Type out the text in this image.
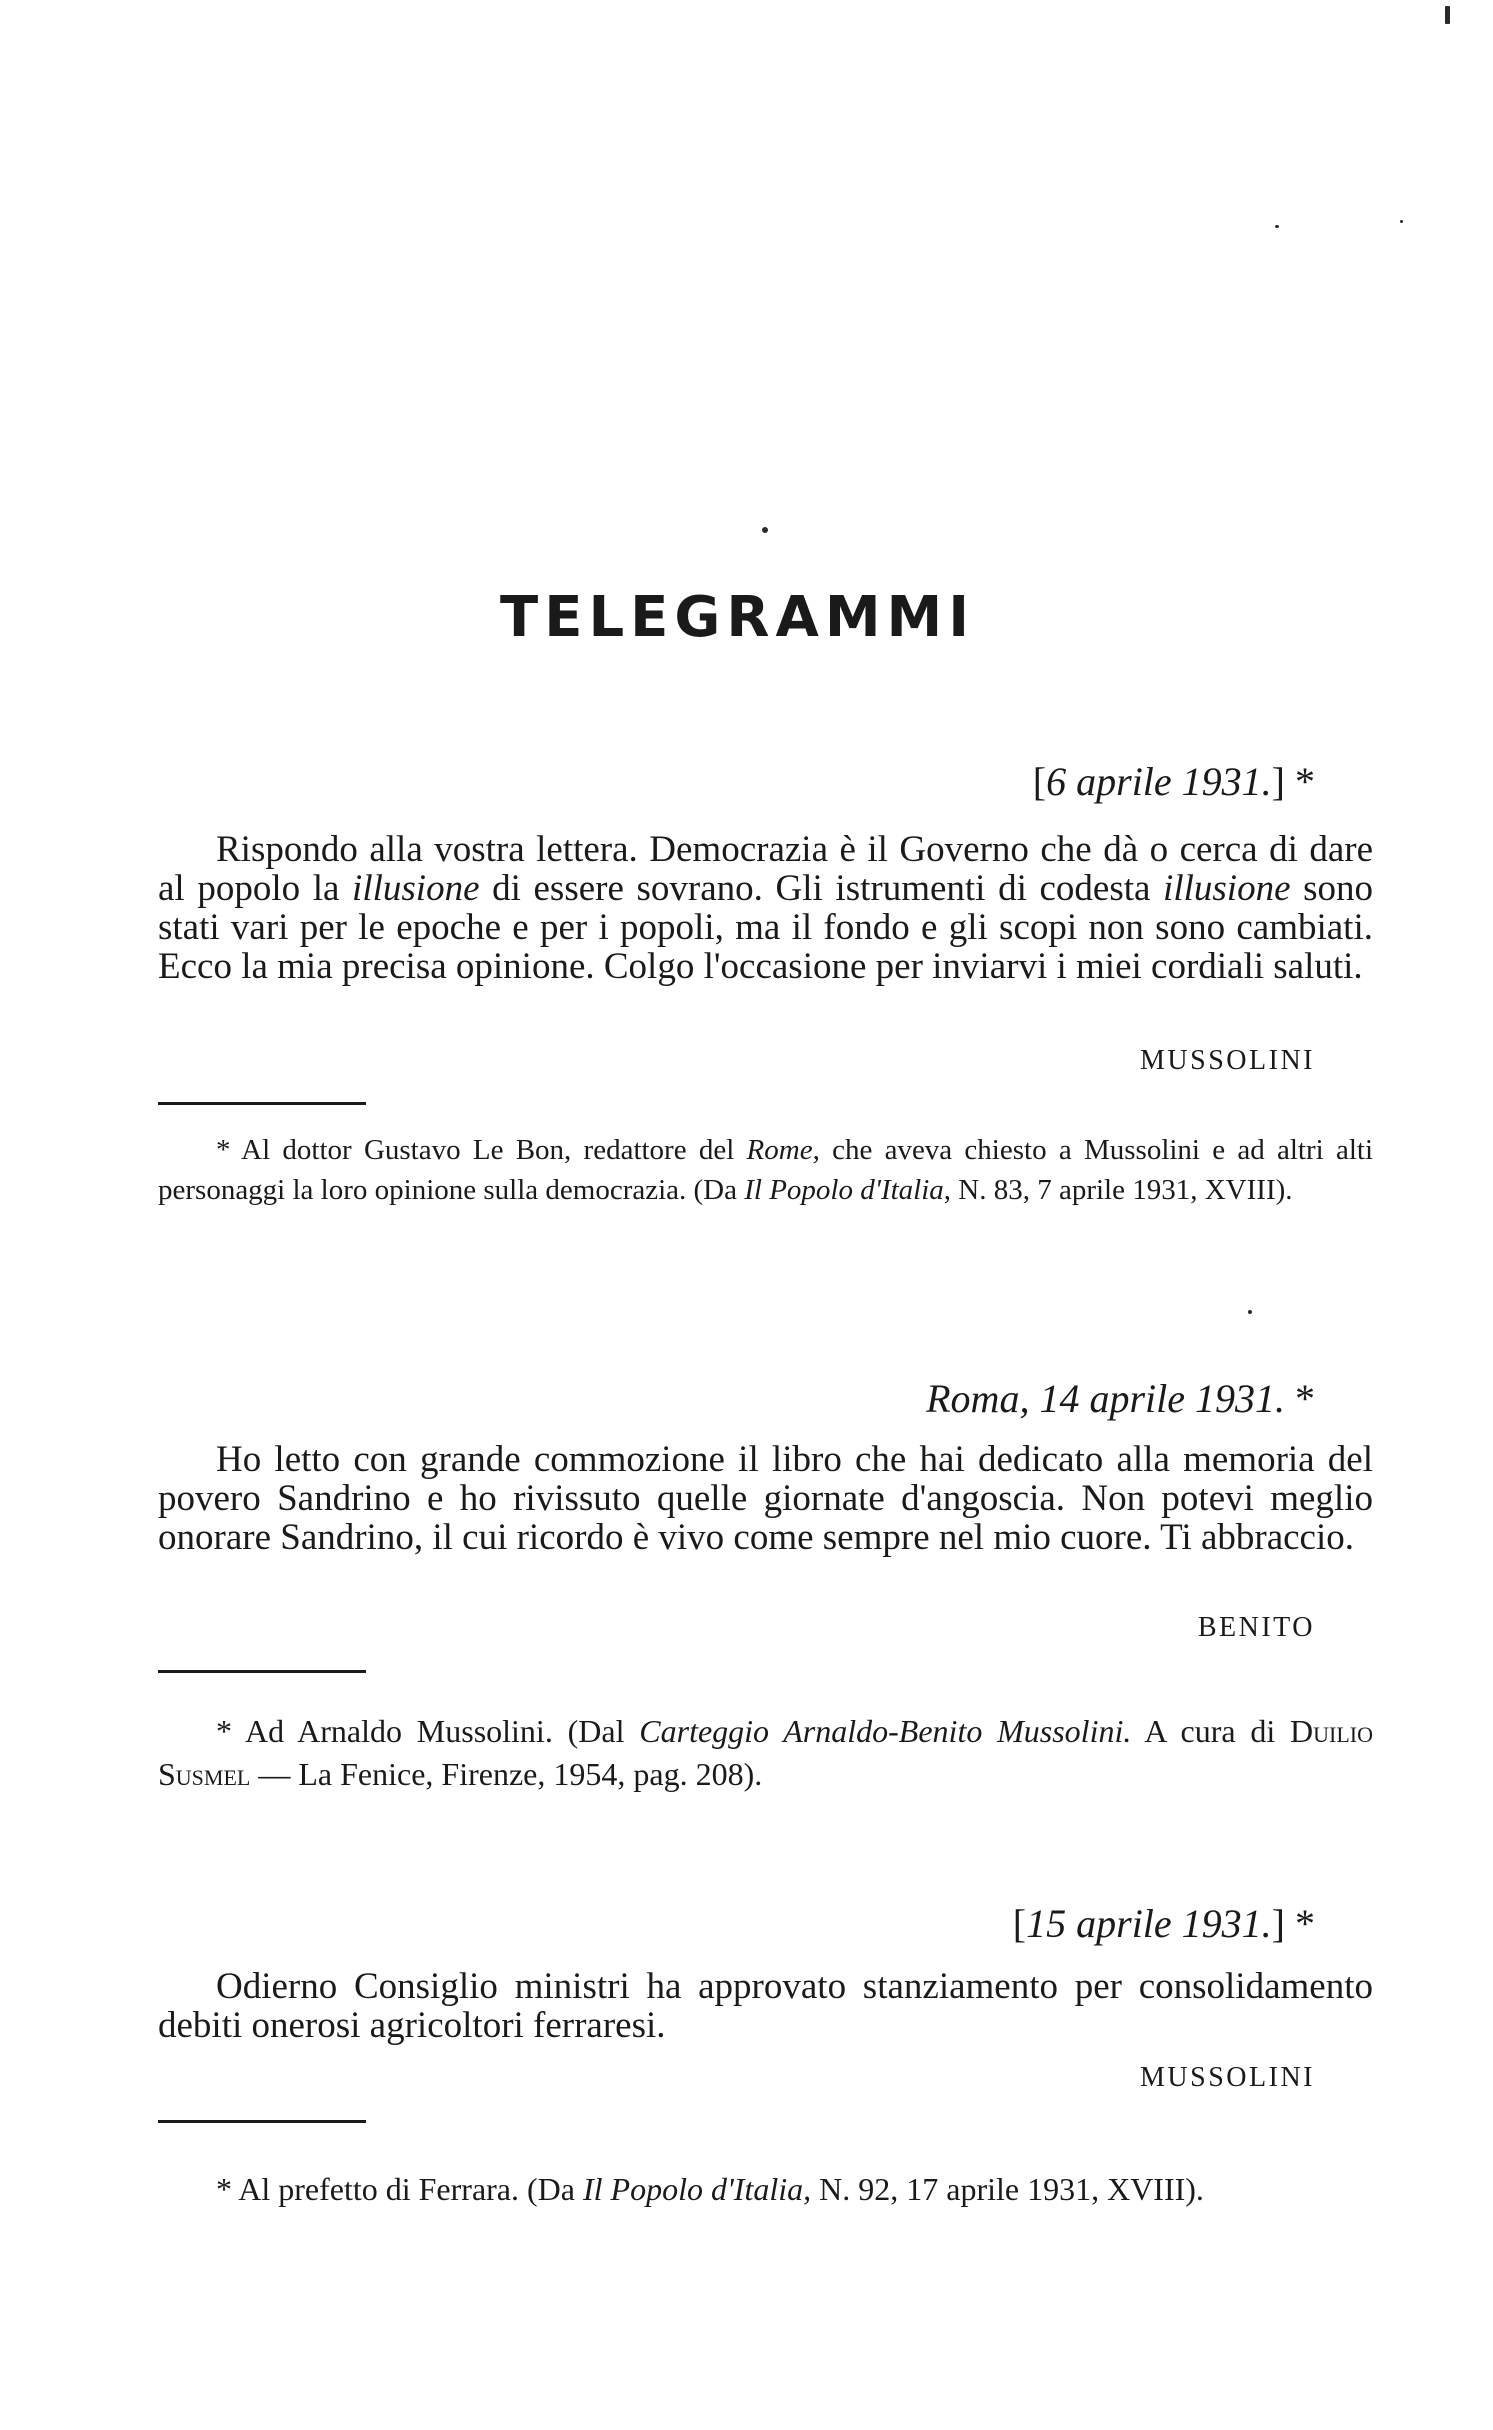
TELEGRAMMI
[6 aprile 1931.] *

Rispondo alla vostra lettera. Democrazia è il Governo che dà o cerca di dare al popolo la illusione di essere sovrano. Gli istrumenti di codesta illusione sono stati vari per le epoche e per i popoli, ma il fondo e gli scopi non sono cambiati. Ecco la mia precisa opinione. Colgo l'occasione per inviarvi i miei cordiali saluti.

MUSSOLINI

* Al dottor Gustavo Le Bon, redattore del Rome, che aveva chiesto a Mussolini e ad altri alti personaggi la loro opinione sulla democrazia. (Da Il Popolo d'Italia, N. 83, 7 aprile 1931, XVIII).

Roma, 14 aprile 1931. *

Ho letto con grande commozione il libro che hai dedicato alla memoria del povero Sandrino e ho rivissuto quelle giornate d'angoscia. Non potevi meglio onorare Sandrino, il cui ricordo è vivo come sempre nel mio cuore. Ti abbraccio.

BENITO

* Ad Arnaldo Mussolini. (Dal Carteggio Arnaldo-Benito Mussolini. A cura di Duilio Susmel — La Fenice, Firenze, 1954, pag. 208).

[15 aprile 1931.] *

Odierno Consiglio ministri ha approvato stanziamento per consolidamento debiti onerosi agricoltori ferraresi.

MUSSOLINI

* Al prefetto di Ferrara. (Da Il Popolo d'Italia, N. 92, 17 aprile 1931, XVIII).
